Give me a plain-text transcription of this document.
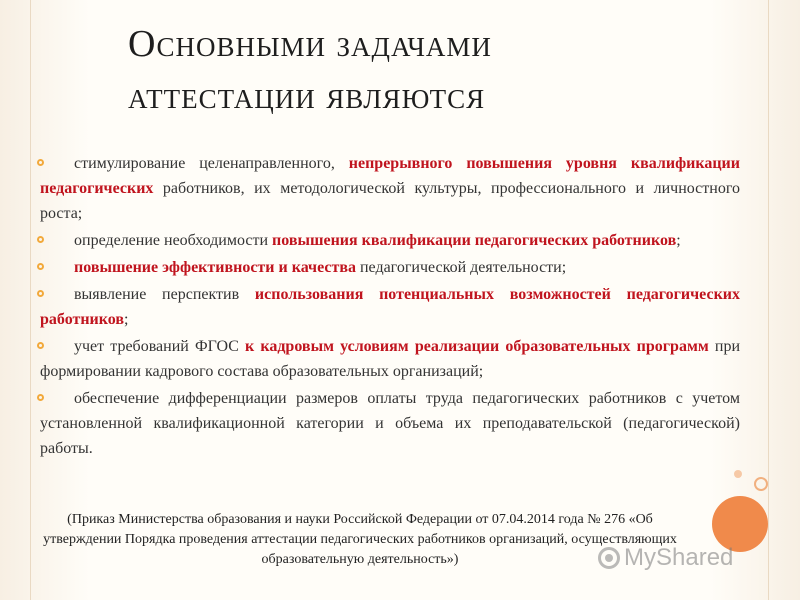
Основными задачами
аттестации являются
стимулирование целенаправленного, непрерывного повышения уровня квалификации педагогических работников, их методологической культуры, профессионального и личностного роста;
определение необходимости повышения квалификации педагогических работников;
повышение эффективности и качества педагогической деятельности;
выявление перспектив использования потенциальных возможностей педагогических работников;
учет требований ФГОС к кадровым условиям реализации образовательных программ при формировании кадрового состава образовательных организаций;
обеспечение дифференциации размеров оплаты труда педагогических работников с учетом установленной квалификационной категории и объема их преподавательской (педагогической) работы.
(Приказ Министерства образования и науки Российской Федерации от 07.04.2014 года № 276 «Об утверждении Порядка проведения аттестации педагогических работников организаций, осуществляющих образовательную деятельность»)	MyShared
